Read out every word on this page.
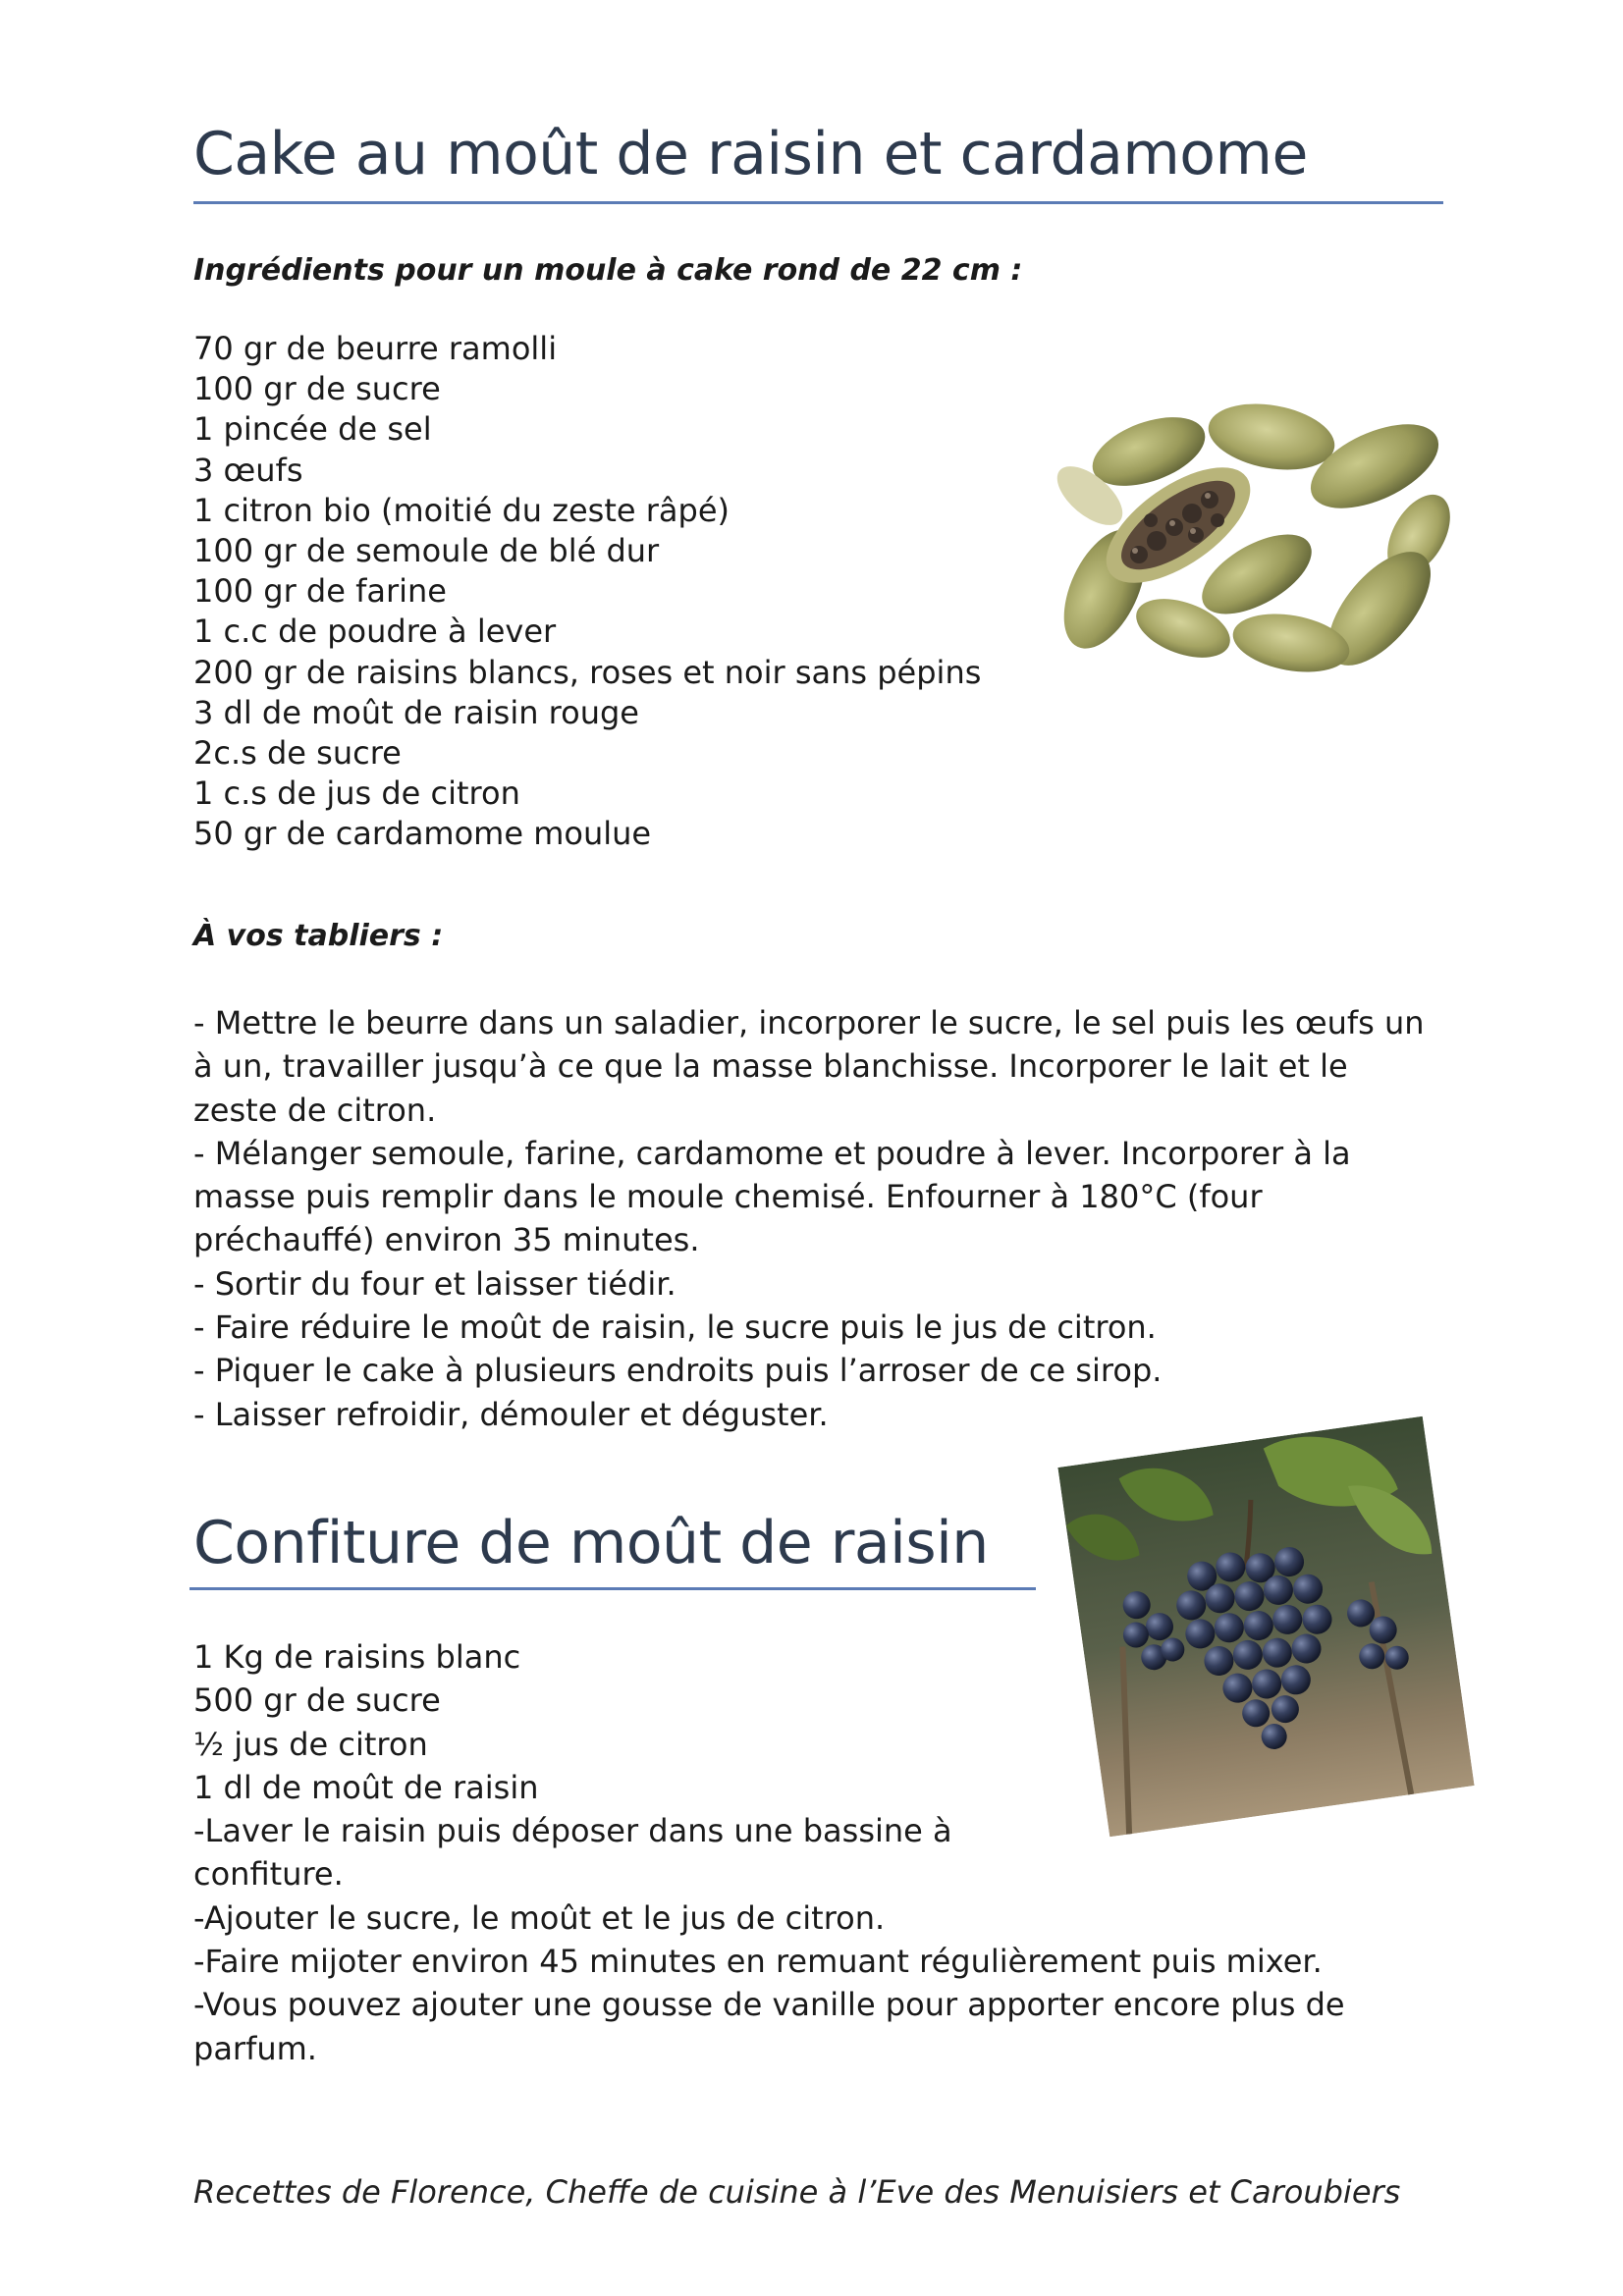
Cake au moût de raisin et cardamome

Ingrédients pour un moule à cake rond de 22 cm :

70 gr de beurre ramolli
100 gr de sucre
1 pincée de sel
3 œufs
1 citron bio (moitié du zeste râpé)
100 gr de semoule de blé dur
100 gr de farine
1 c.c de poudre à lever
200 gr de raisins blancs, roses et noir sans pépins
3 dl de moût de raisin rouge
2c.s de sucre
1 c.s de jus de citron
50 gr de cardamome moulue

À vos tabliers :

- Mettre le beurre dans un saladier, incorporer le sucre, le sel puis les œufs un
à un, travailler jusqu’à ce que la masse blanchisse. Incorporer le lait et le
zeste de citron.
- Mélanger semoule, farine, cardamome et poudre à lever. Incorporer à la
masse puis remplir dans le moule chemisé. Enfourner à 180°C (four
préchauffé) environ 35 minutes.
- Sortir du four et laisser tiédir.
- Faire réduire le moût de raisin, le sucre puis le jus de citron.
- Piquer le cake à plusieurs endroits puis l’arroser de ce sirop.
- Laisser refroidir, démouler et déguster.
Confiture de moût de raisin
1 Kg de raisins blanc
500 gr de sucre
½ jus de citron
1 dl de moût de raisin
-Laver le raisin puis déposer dans une bassine à
confiture.
-Ajouter le sucre, le moût et le jus de citron.
-Faire mijoter environ 45 minutes en remuant régulièrement puis mixer.
-Vous pouvez ajouter une gousse de vanille pour apporter encore plus de
parfum.

Recettes de Florence, Cheffe de cuisine à l’Eve des Menuisiers et Caroubiers
